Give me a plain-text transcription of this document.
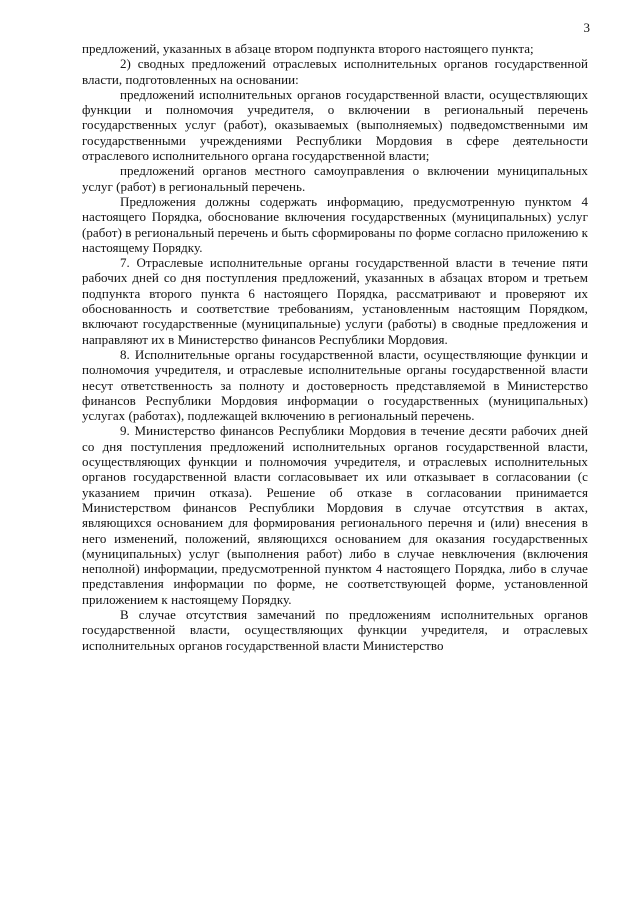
3

предложений, указанных в абзаце втором подпункта второго настоящего пункта;

2) сводных предложений отраслевых исполнительных органов государственной власти, подготовленных на основании:

предложений исполнительных органов государственной власти, осуществляющих функции и полномочия учредителя, о включении в региональный перечень государственных услуг (работ), оказываемых (выполняемых) подведомственными им государственными учреждениями Республики Мордовия в сфере деятельности отраслевого исполнительного органа государственной власти;

предложений органов местного самоуправления о включении муниципальных услуг (работ) в региональный перечень.

Предложения должны содержать информацию, предусмотренную пунктом 4 настоящего Порядка, обоснование включения государственных (муниципальных) услуг (работ) в региональный перечень и быть сформированы по форме согласно приложению к настоящему Порядку.

7. Отраслевые исполнительные органы государственной власти в течение пяти рабочих дней со дня поступления предложений, указанных в абзацах втором и третьем подпункта второго пункта 6 настоящего Порядка, рассматривают и проверяют их обоснованность и соответствие требованиям, установленным настоящим Порядком, включают государственные (муниципальные) услуги (работы) в сводные предложения и направляют их в Министерство финансов Республики Мордовия.

8. Исполнительные органы государственной власти, осуществляющие функции и полномочия учредителя, и отраслевые исполнительные органы государственной власти несут ответственность за полноту и достоверность представляемой в Министерство финансов Республики Мордовия информации о государственных (муниципальных) услугах (работах), подлежащей включению в региональный перечень.

9. Министерство финансов Республики Мордовия в течение десяти рабочих дней со дня поступления предложений исполнительных органов государственной власти, осуществляющих функции и полномочия учредителя, и отраслевых исполнительных органов государственной власти согласовывает их или отказывает в согласовании (с указанием причин отказа). Решение об отказе в согласовании принимается Министерством финансов Республики Мордовия в случае отсутствия в актах, являющихся основанием для формирования регионального перечня и (или) внесения в него изменений, положений, являющихся основанием для оказания государственных (муниципальных) услуг (выполнения работ) либо в случае невключения (включения неполной) информации, предусмотренной пунктом 4 настоящего Порядка, либо в случае представления информации по форме, не соответствующей форме, установленной приложением к настоящему Порядку.

В случае отсутствия замечаний по предложениям исполнительных органов государственной власти, осуществляющих функции учредителя, и отраслевых исполнительных органов государственной власти Министерство
